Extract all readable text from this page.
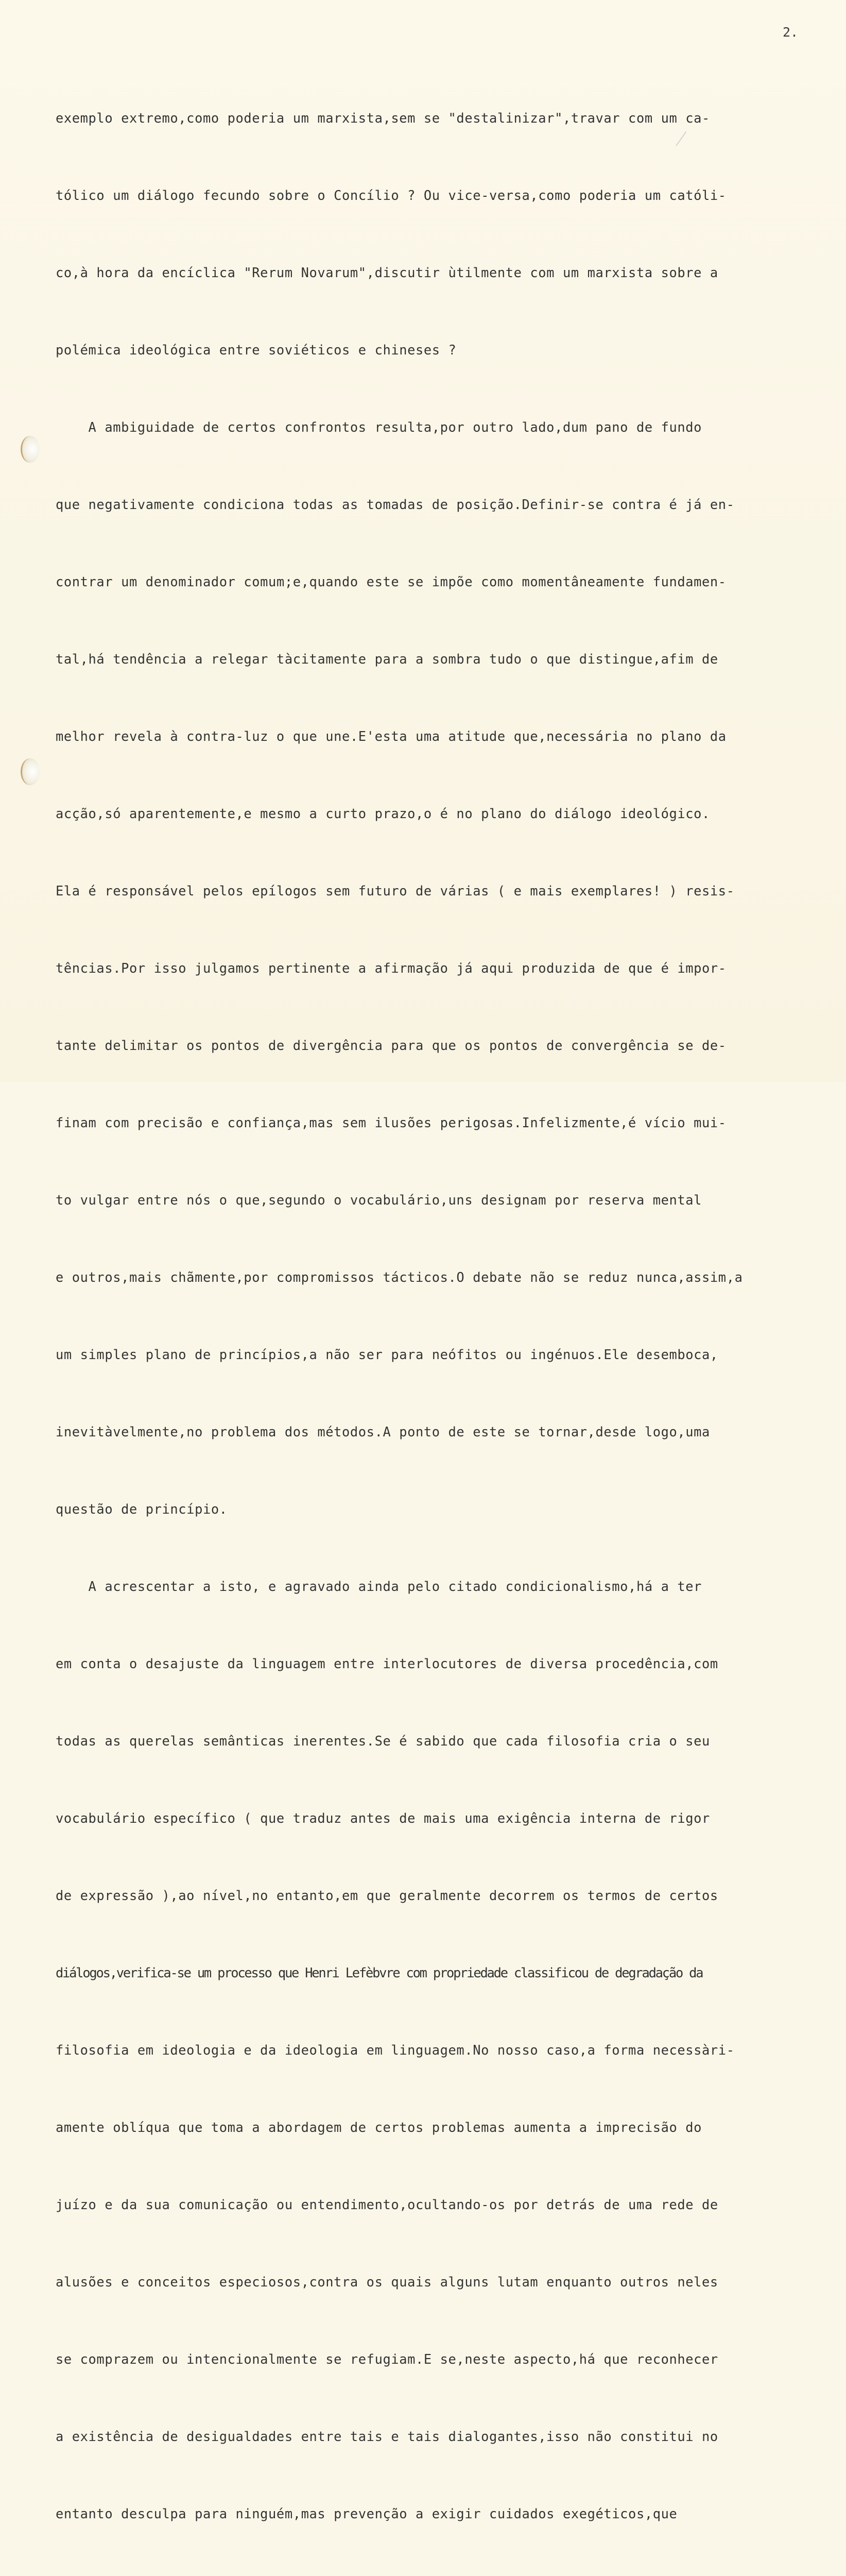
2.

exemplo extremo,como poderia um marxista,sem se "destalinizar",travar com um ca-

tólico um diálogo fecundo sobre o Concílio ? Ou vice-versa,como poderia um católi-

co,à hora da encíclica "Rerum Novarum",discutir ùtilmente com um marxista sobre a

polémica ideológica entre soviéticos e chineses ?

A ambiguidade de certos confrontos resulta,por outro lado,dum pano de fundo

que negativamente condiciona todas as tomadas de posição.Definir-se contra é já en-

contrar um denominador comum;e,quando este se impõe como momentâneamente fundamen-

tal,há tendência a relegar tàcitamente para a sombra tudo o que distingue,afim de

melhor revela à contra-luz o que une.E'esta uma atitude que,necessária no plano da

acção,só aparentemente,e mesmo a curto prazo,o é no plano do diálogo ideológico.

Ela é responsável pelos epílogos sem futuro de várias ( e mais exemplares! ) resis-

tências.Por isso julgamos pertinente a afirmação já aqui produzida de que é impor-

tante delimitar os pontos de divergência para que os pontos de convergência se de-

finam com precisão e confiança,mas sem ilusões perigosas.Infelizmente,é vício mui-

to vulgar entre nós o que,segundo o vocabulário,uns designam por reserva mental

e outros,mais chãmente,por compromissos tácticos.O debate não se reduz nunca,assim,a

um simples plano de princípios,a não ser para neófitos ou ingénuos.Ele desemboca,

inevitàvelmente,no problema dos métodos.A ponto de este se tornar,desde logo,uma

questão de princípio.

A acrescentar a isto, e agravado ainda pelo citado condicionalismo,há a ter

em conta o desajuste da linguagem entre interlocutores de diversa procedência,com

todas as querelas semânticas inerentes.Se é sabido que cada filosofia cria o seu

vocabulário específico ( que traduz antes de mais uma exigência interna de rigor

de expressão ),ao nível,no entanto,em que geralmente decorrem os termos de certos

diálogos,verifica-se um processo que Henri Lefèbvre com propriedade classificou de degradação da

filosofia em ideologia e da ideologia em linguagem.No nosso caso,a forma necessàri-

amente oblíqua que toma a abordagem de certos problemas aumenta a imprecisão do

juízo e da sua comunicação ou entendimento,ocultando-os por detrás de uma rede de

alusões e conceitos especiosos,contra os quais alguns lutam enquanto outros neles

se comprazem ou intencionalmente se refugiam.E se,neste aspecto,há que reconhecer

a existência de desigualdades entre tais e tais dialogantes,isso não constitui no

entanto desculpa para ninguém,mas prevenção a exigir cuidados exegéticos,que
